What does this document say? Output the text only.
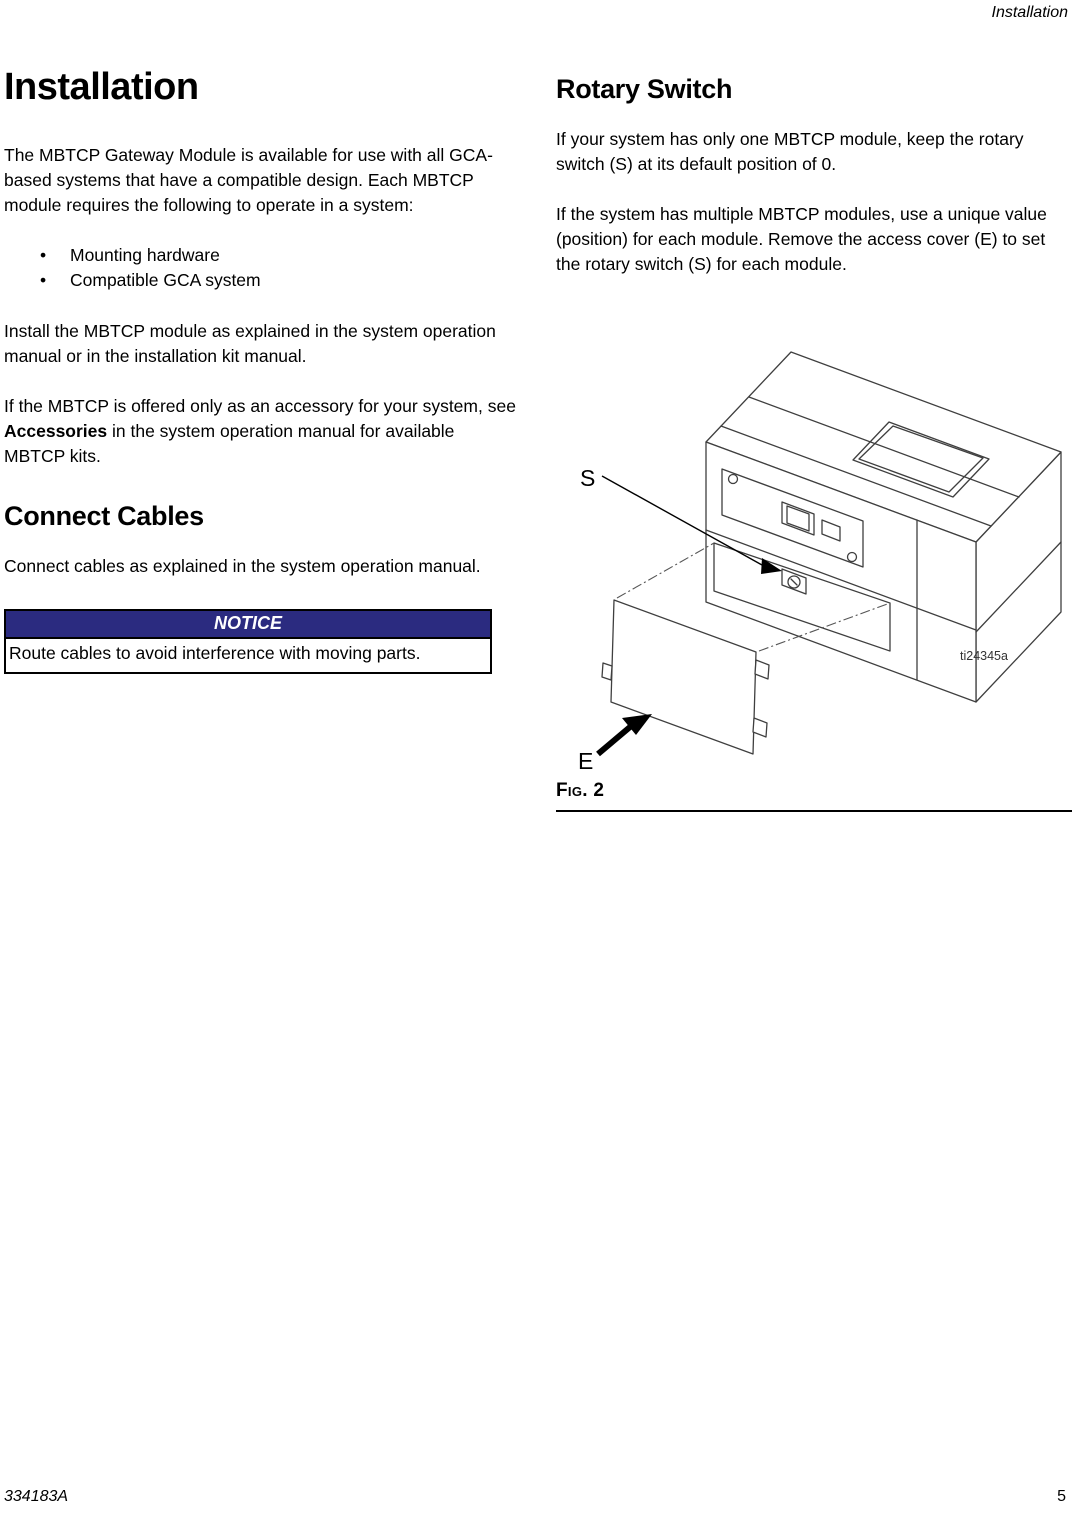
Installation
Installation

The MBTCP Gateway Module is available for use with all GCA-based systems that have a compatible design. Each MBTCP module requires the following to operate in a system:

•	Mounting hardware
•	Compatible GCA system

Install the MBTCP module as explained in the system operation manual or in the installation kit manual.

If the MBTCP is offered only as an accessory for your system, see Accessories in the system operation manual for available MBTCP kits.

Connect Cables

Connect cables as explained in the system operation manual.

NOTICE
Route cables to avoid interference with moving parts.
Rotary Switch

If your system has only one MBTCP module, keep the rotary switch (S) at its default position of 0.

If the system has multiple MBTCP modules, use a unique value (position) for each module. Remove the access cover (E) to set the rotary switch (S) for each module.

S
E
ti24345a
Fig. 2
334183A	5
